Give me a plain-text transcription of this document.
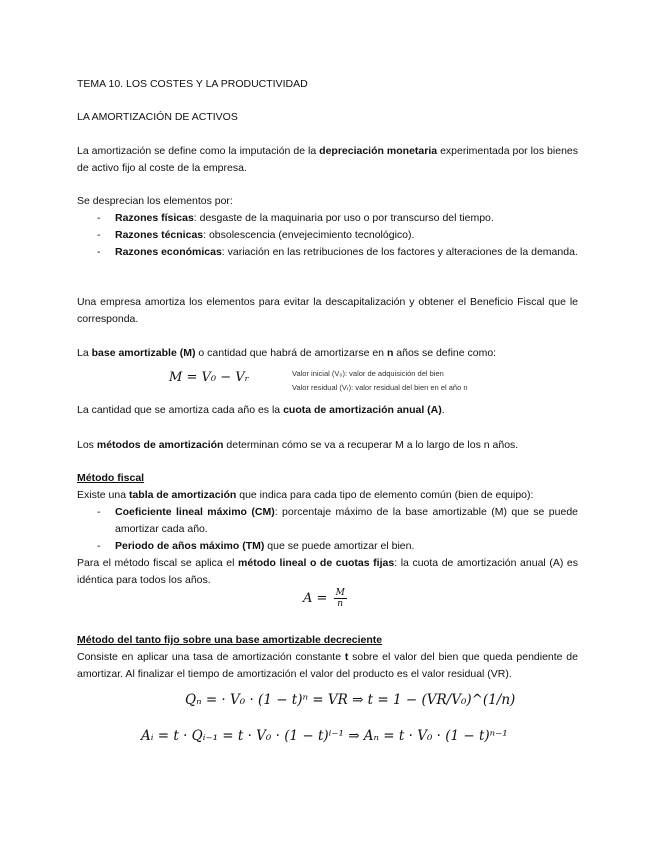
TEMA 10. LOS COSTES Y LA PRODUCTIVIDAD
LA AMORTIZACIÓN DE ACTIVOS
La amortización se define como la imputación de la depreciación monetaria experimentada por los bienes de activo fijo al coste de la empresa.
Se desprecian los elementos por:
- Razones físicas: desgaste de la maquinaria por uso o por transcurso del tiempo.
- Razones técnicas: obsolescencia (envejecimiento tecnológico).
- Razones económicas: variación en las retribuciones de los factores y alteraciones de la demanda.
Una empresa amortiza los elementos para evitar la descapitalización y obtener el Beneficio Fiscal que le corresponda.
La base amortizable (M) o cantidad que habrá de amortizarse en n años se define como:
M = V₀ − Vᵣ	Valor inicial (V₀): valor de adquisición del bien
Valor residual (Vᵣ): valor residual del bien en el año n
La cantidad que se amortiza cada año es la cuota de amortización anual (A).
Los métodos de amortización determinan cómo se va a recuperar M a lo largo de los n años.
Método fiscal
Existe una tabla de amortización que indica para cada tipo de elemento común (bien de equipo):
- Coeficiente lineal máximo (CM): porcentaje máximo de la base amortizable (M) que se puede amortizar cada año.
- Periodo de años máximo (TM) que se puede amortizar el bien.
Para el método fiscal se aplica el método lineal o de cuotas fijas: la cuota de amortización anual (A) es idéntica para todos los años.
$A = \frac{M}{n}$
Método del tanto fijo sobre una base amortizable decreciente
Consiste en aplicar una tasa de amortización constante t sobre el valor del bien que queda pendiente de amortizar. Al finalizar el tiempo de amortización el valor del producto es el valor residual (VR).
Qₙ = · V₀ · (1 − t)ⁿ = VR ⇒ t = 1 − (VR/V₀)^(1/n)
Aᵢ = t · Qᵢ₋₁ = t · V₀ · (1 − t)ⁱ⁻¹ ⇒ Aₙ = t · V₀ · (1 − t)ⁿ⁻¹
